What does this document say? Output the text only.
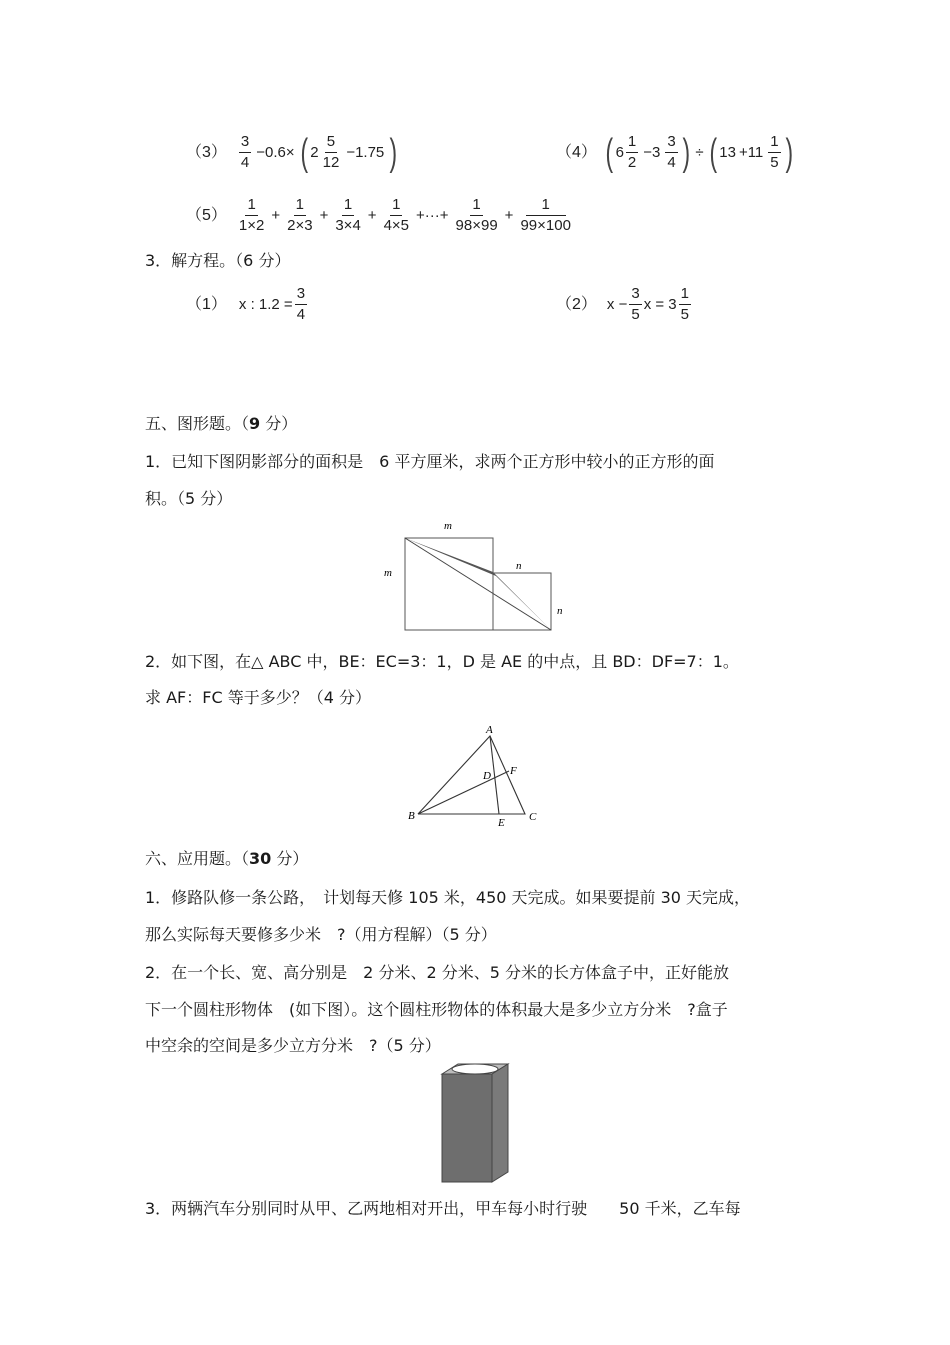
$(3) \frac{3}{4} -0.6\times$ ( $2 \frac{5}{12} -1.75$ )	（4） ( $6 \frac{1}{2} -3 \frac{3}{4}$ ) ÷ ( $13 +11 \frac{1}{5}$ )
$(5) \frac{1}{1\times 2} + \frac{1}{2\times 3} + \frac{1}{3\times 4} + \frac{1}{4\times 5}$ +···+ $\frac{1}{98\times 99} + \frac{1}{99\times 100}$
3．解方程。（6 分）
（1） x : $1.2 = \frac{3}{4}$	（2） $x - \frac{3}{5}$ $x = 3 \frac{1}{5}$
五、图形题。（9 分）
1．已知下图阴影部分的面积是　6 平方厘米，求两个正方形中较小的正方形的面
积。（5 分）
m
m
n
n
2．如下图，在△ ABC 中，BE：EC=3：1，D 是 AE 的中点，且 BD：DF=7：1。
求 AF：FC 等于多少？（4 分）
A
B	C
D
E
F
六、应用题。（30 分）
1．修路队修一条公路，　计划每天修 105 米，450 天完成。如果要提前 30 天完成，
那么实际每天要修多少米　?（用方程解）（5 分）
2．在一个长、宽、高分别是　2 分米、2 分米、5 分米的长方体盒子中，正好能放
下一个圆柱形物体　(如下图）。这个圆柱形物体的体积最大是多少立方分米　?盒子
中空余的空间是多少立方分米　?（5 分）
3．两辆汽车分别同时从甲、乙两地相对开出，甲车每小时行驶　　50 千米，乙车每
